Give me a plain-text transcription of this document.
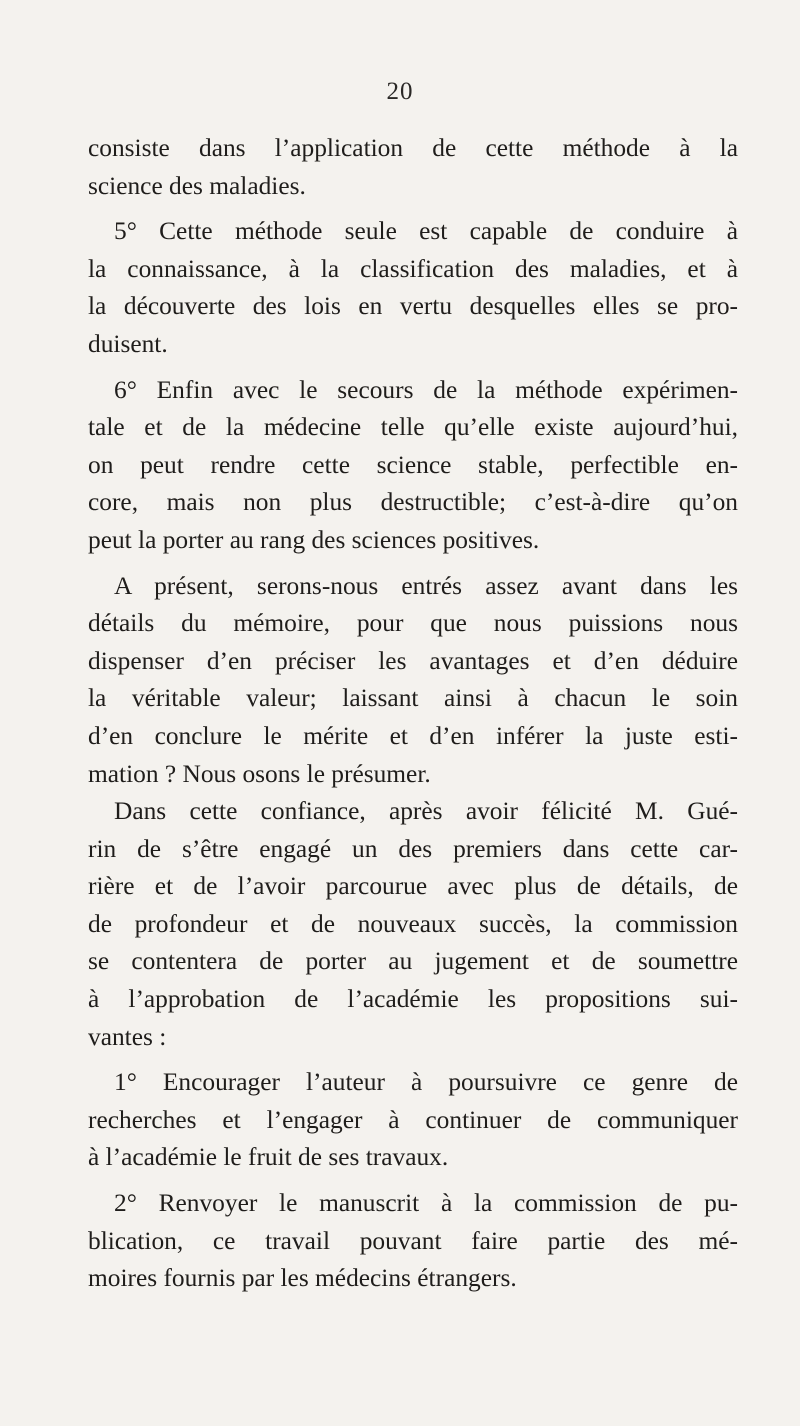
20
consiste dans l’application de cette méthode à la
science des maladies.
5° Cette méthode seule est capable de conduire à
la connaissance, à la classification des maladies, et à
la découverte des lois en vertu desquelles elles se pro-
duisent.
6° Enfin avec le secours de la méthode expérimen-
tale et de la médecine telle qu’elle existe aujourd’hui,
on peut rendre cette science stable, perfectible en-
core, mais non plus destructible; c’est-à-dire qu’on
peut la porter au rang des sciences positives.
A présent, serons-nous entrés assez avant dans les
détails du mémoire, pour que nous puissions nous
dispenser d’en préciser les avantages et d’en déduire
la véritable valeur; laissant ainsi à chacun le soin
d’en conclure le mérite et d’en inférer la juste esti-
mation ? Nous osons le présumer.
Dans cette confiance, après avoir félicité M. Gué-
rin de s’être engagé un des premiers dans cette car-
rière et de l’avoir parcourue avec plus de détails, de
de profondeur et de nouveaux succès, la commission
se contentera de porter au jugement et de soumettre
à l’approbation de l’académie les propositions sui-
vantes :
1° Encourager l’auteur à poursuivre ce genre de
recherches et l’engager à continuer de communiquer
à l’académie le fruit de ses travaux.
2° Renvoyer le manuscrit à la commission de pu-
blication, ce travail pouvant faire partie des mé-
moires fournis par les médecins étrangers.
